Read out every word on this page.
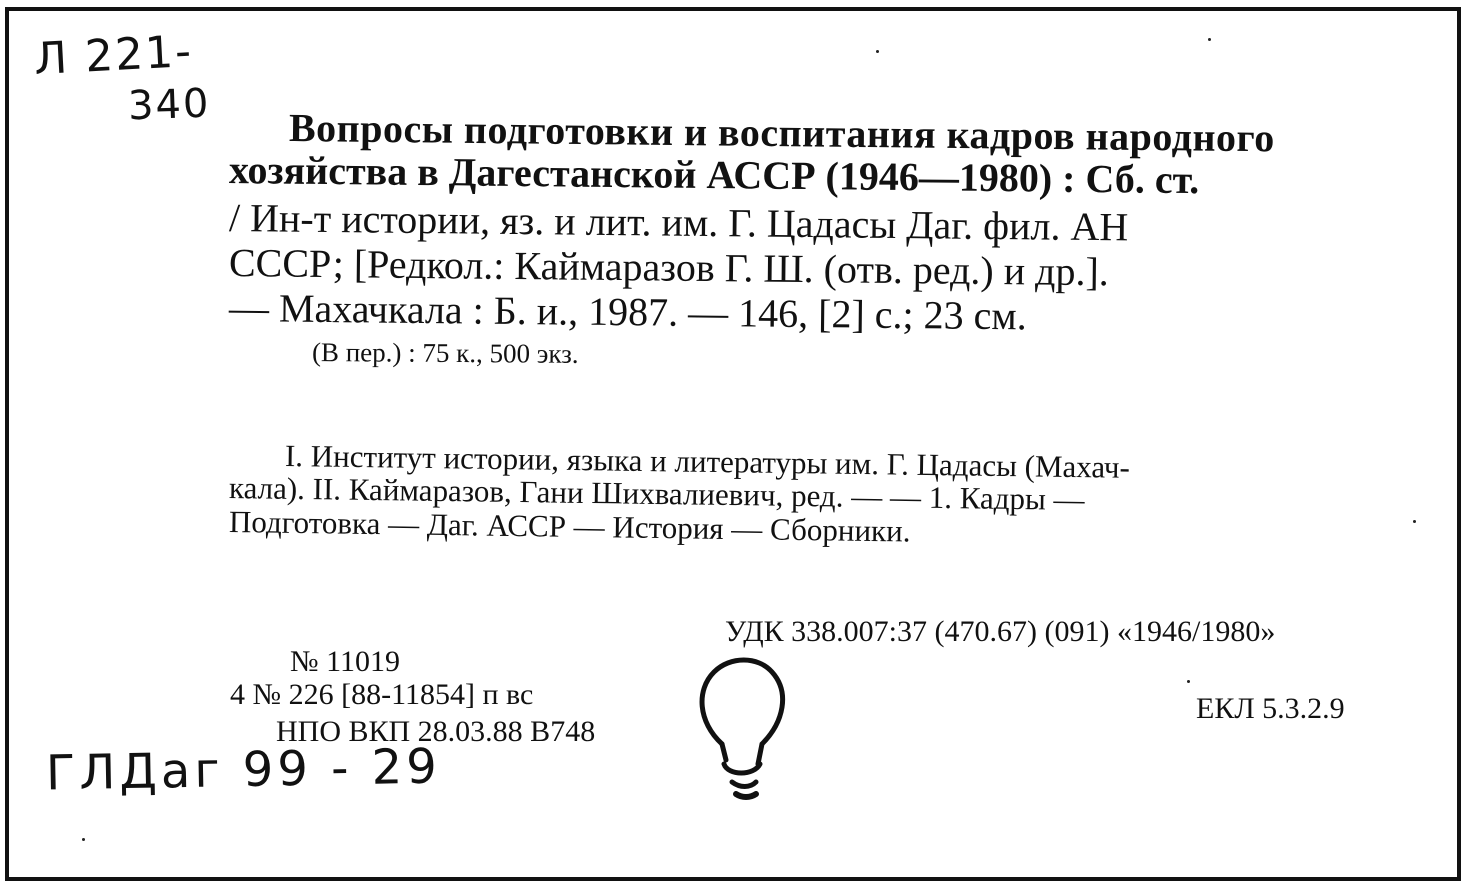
Л 221-
340
Вопросы подготовки и воспитания кадров народного
хозяйства в Дагестанской АССР (1946—1980) : Сб. ст.
/ Ин-т истории, яз. и лит. им. Г. Цадасы Даг. фил. АН
СССР; [Редкол.: Каймаразов Г. Ш. (отв. ред.) и др.].
— Махачкала : Б. и., 1987. — 146, [2] с.; 23 см.
(В пер.) : 75 к., 500 экз.
I. Институт истории, языка и литературы им. Г. Цадасы (Махач-
кала). II. Каймаразов, Гани Шихвалиевич, ред. — — 1. Кадры —
Подготовка — Даг. АССР — История — Сборники.
УДК 338.007:37 (470.67) (091) «1946/1980»
№ 11019
4 № 226 [88-11854] п вс
НПО ВКП 28.03.88 В748
ЕКЛ 5.3.2.9
ГЛДаг 99 - 29
